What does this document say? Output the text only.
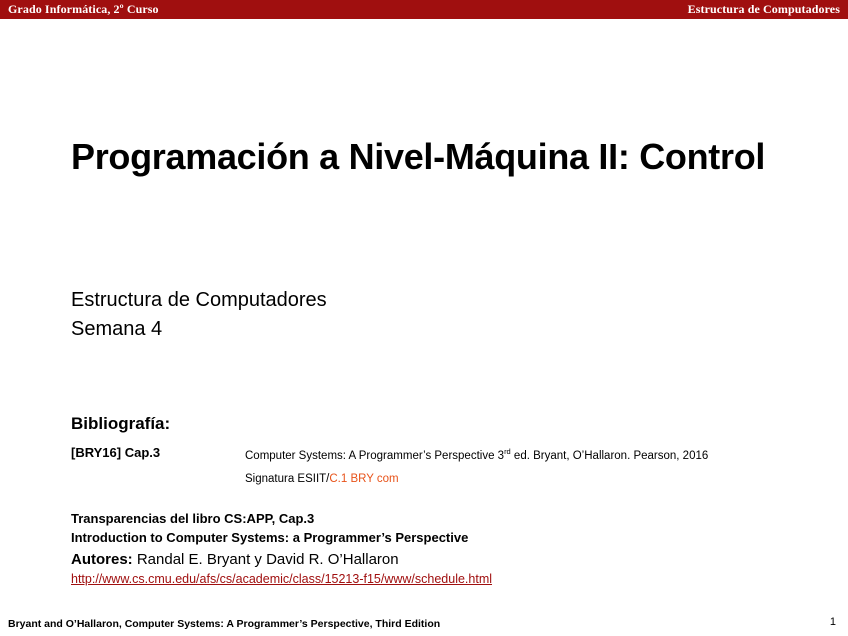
Grado Informática, 2º Curso	Estructura de Computadores
Programación a Nivel-Máquina II: Control
Estructura de Computadores
Semana 4
Bibliografía:
[BRY16] Cap.3	Computer Systems: A Programmer’s Perspective 3rd ed. Bryant, O’Hallaron. Pearson, 2016
Signatura ESIIT/C.1 BRY com
Transparencias del libro CS:APP, Cap.3
Introduction to Computer Systems: a Programmer’s Perspective
Autores: Randal E. Bryant y David R. O’Hallaron
http://www.cs.cmu.edu/afs/cs/academic/class/15213-f15/www/schedule.html
Bryant and O’Hallaron, Computer Systems: A Programmer’s Perspective, Third Edition	1
